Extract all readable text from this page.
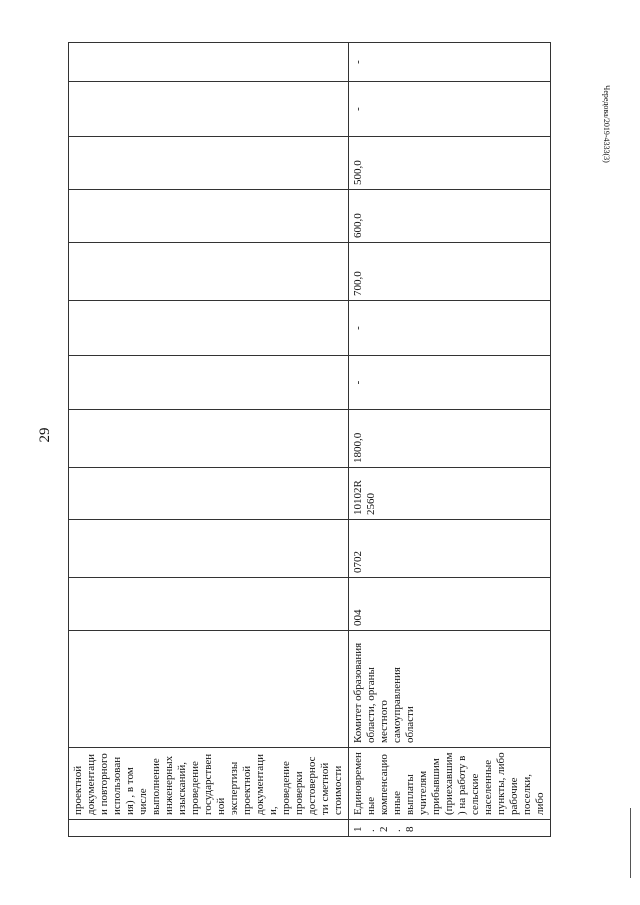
29
Чередова/2019-4333(3)
	проектной документации повторного использования) , в том числе выполнение инженерных изысканий, проведение государственной экспертизы проектной документации, проведение проверки достоверности сметной стоимости												
1.2.8	Единовременные компенсационные выплаты учителям прибывшим (приехавшим) на работу в сельские населенные пункты, либо рабочие поселки, либо	Комитет образования области, органы местного самоуправления области	004	0702	10102R 2560	1800,0	-	-	700,0	600,0	500,0	-	-
